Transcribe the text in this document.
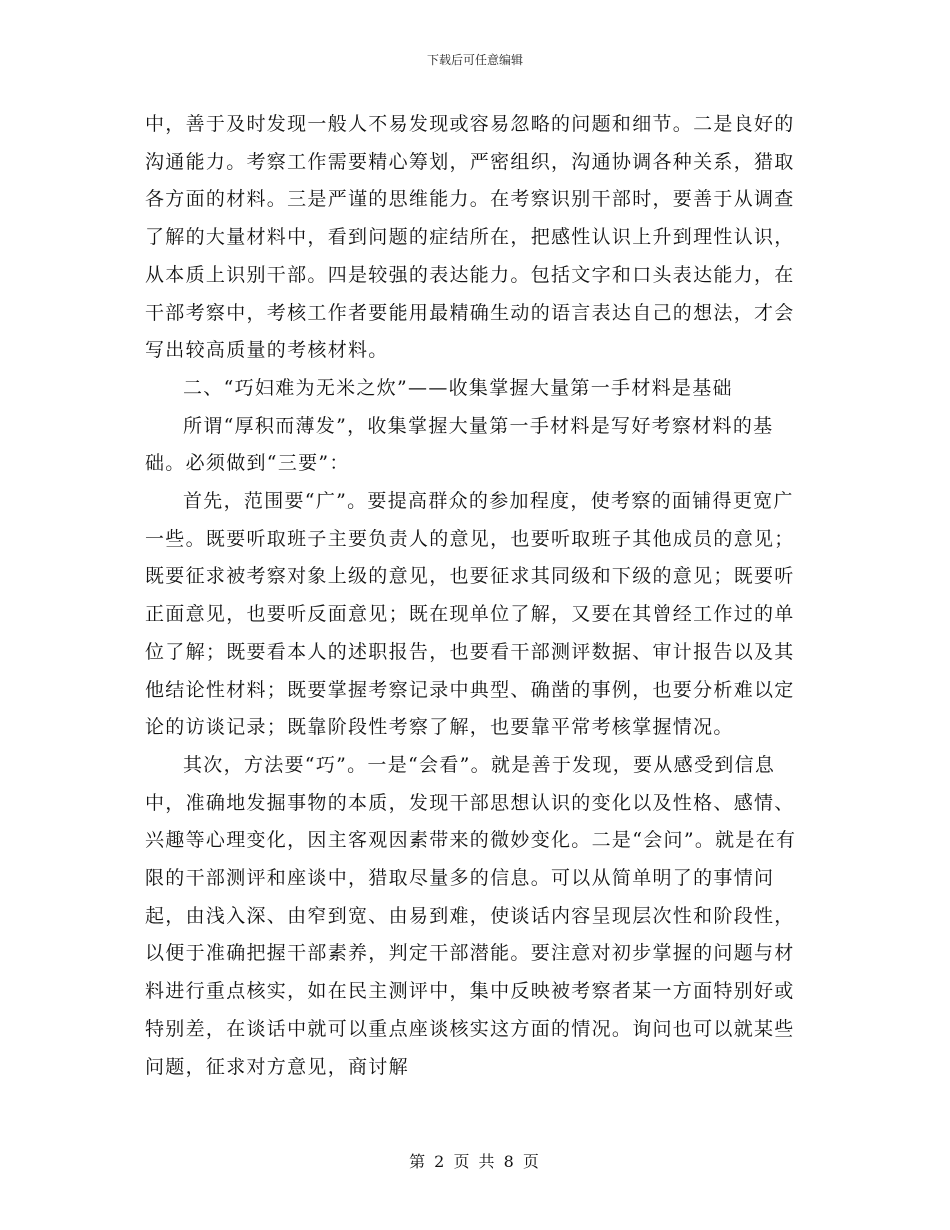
下载后可任意编辑

中，善于及时发现一般人不易发现或容易忽略的问题和细节。二是良好的沟通能力。考察工作需要精心筹划，严密组织，沟通协调各种关系，猎取各方面的材料。三是严谨的思维能力。在考察识别干部时，要善于从调查了解的大量材料中，看到问题的症结所在，把感性认识上升到理性认识，从本质上识别干部。四是较强的表达能力。包括文字和口头表达能力，在干部考察中，考核工作者要能用最精确生动的语言表达自己的想法，才会写出较高质量的考核材料。

二、“巧妇难为无米之炊”——收集掌握大量第一手材料是基础

所谓“厚积而薄发”，收集掌握大量第一手材料是写好考察材料的基础。必须做到“三要”：

首先，范围要“广”。要提高群众的参加程度，使考察的面铺得更宽广一些。既要听取班子主要负责人的意见，也要听取班子其他成员的意见；既要征求被考察对象上级的意见，也要征求其同级和下级的意见；既要听正面意见，也要听反面意见；既在现单位了解，又要在其曾经工作过的单位了解；既要看本人的述职报告，也要看干部测评数据、审计报告以及其他结论性材料；既要掌握考察记录中典型、确凿的事例，也要分析难以定论的访谈记录；既靠阶段性考察了解，也要靠平常考核掌握情况。

其次，方法要“巧”。一是“会看”。就是善于发现，要从感受到信息中，准确地发掘事物的本质，发现干部思想认识的变化以及性格、感情、兴趣等心理变化，因主客观因素带来的微妙变化。二是“会问”。就是在有限的干部测评和座谈中，猎取尽量多的信息。可以从简单明了的事情问起，由浅入深、由窄到宽、由易到难，使谈话内容呈现层次性和阶段性，以便于准确把握干部素养，判定干部潜能。要注意对初步掌握的问题与材料进行重点核实，如在民主测评中，集中反映被考察者某一方面特别好或特别差，在谈话中就可以重点座谈核实这方面的情况。询问也可以就某些问题，征求对方意见，商讨解

第 2 页 共 8 页
